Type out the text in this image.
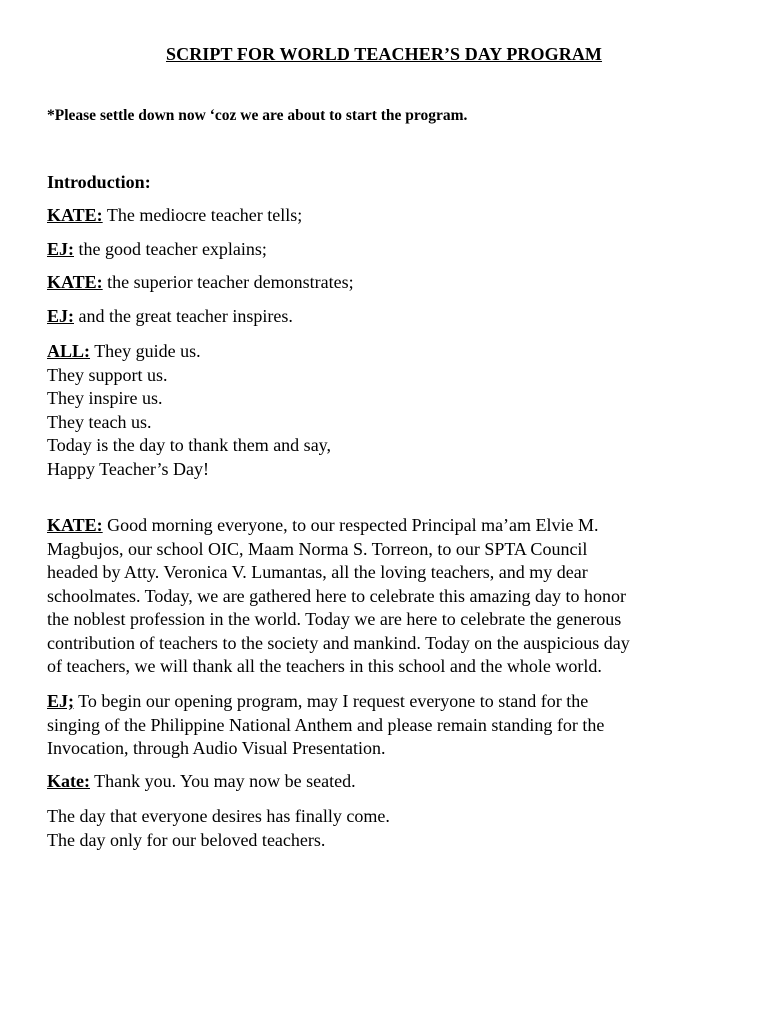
SCRIPT FOR WORLD TEACHER’S DAY PROGRAM
*Please settle down now ‘coz we are about to start the program.
Introduction:
KATE: The mediocre teacher tells;
EJ: the good teacher explains;
KATE: the superior teacher demonstrates;
EJ: and the great teacher inspires.
ALL: They guide us.
They support us.
They inspire us.
They teach us.
Today is the day to thank them and say,
Happy Teacher’s Day!
KATE: Good morning everyone, to our respected Principal ma’am Elvie M.
Magbujos, our school OIC, Maam Norma S. Torreon, to our SPTA Council
headed by Atty. Veronica V. Lumantas, all the loving teachers, and my dear
schoolmates. Today, we are gathered here to celebrate this amazing day to honor
the noblest profession in the world. Today we are here to celebrate the generous
contribution of teachers to the society and mankind. Today on the auspicious day
of teachers, we will thank all the teachers in this school and the whole world.
EJ; To begin our opening program, may I request everyone to stand for the
singing of the Philippine National Anthem and please remain standing for the
Invocation, through Audio Visual Presentation.
Kate: Thank you. You may now be seated.
The day that everyone desires has finally come.
The day only for our beloved teachers.
